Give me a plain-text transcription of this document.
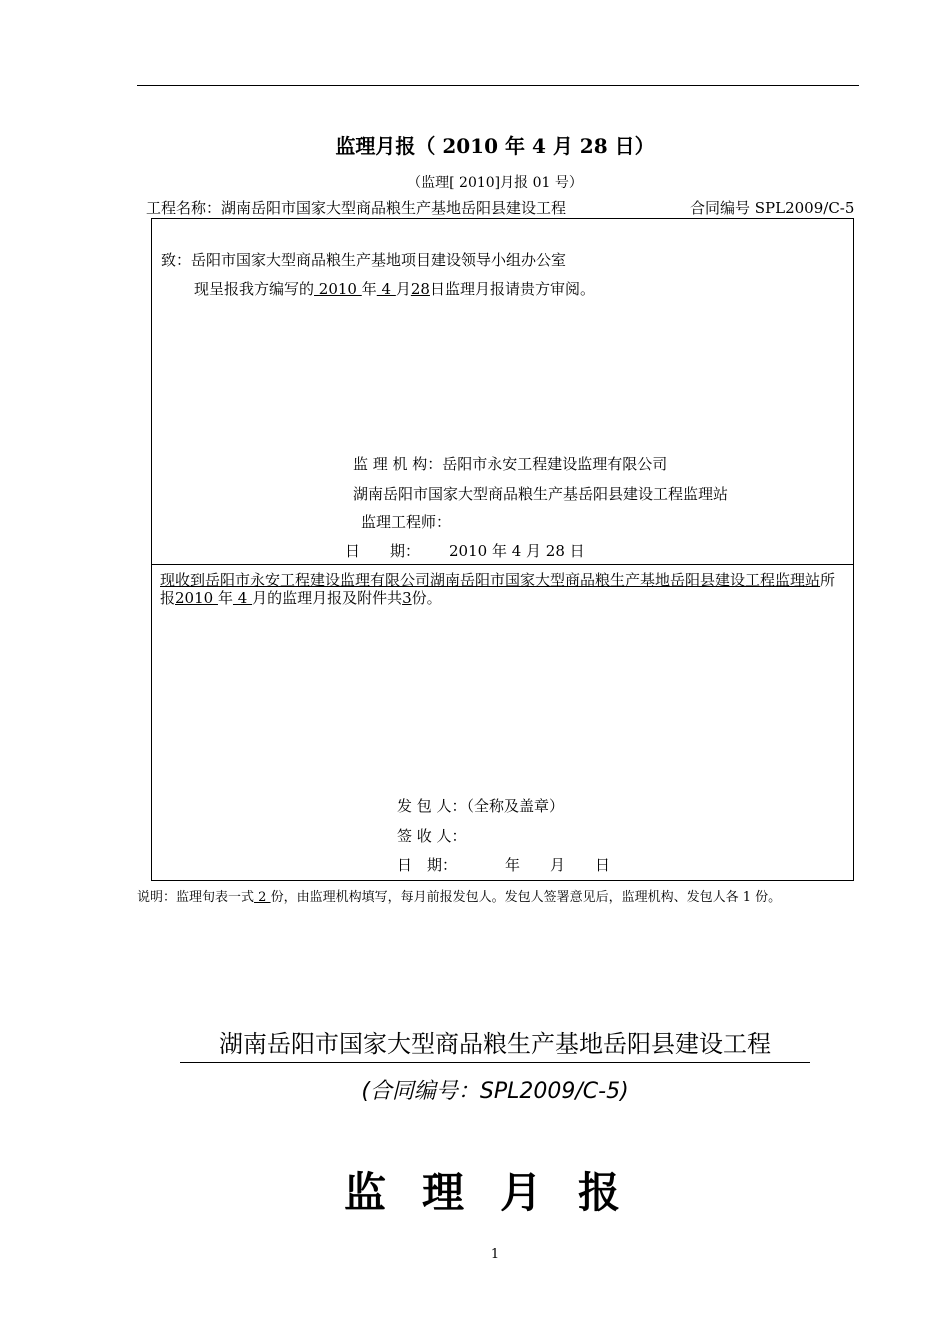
监理月报（ 2010 年 4 月 28 日）
（监理[ 2010]月报 01 号）
工程名称：湖南岳阳市国家大型商品粮生产基地岳阳县建设工程	合同编号 SPL2009/C-5
致：岳阳市国家大型商品粮生产基地项目建设领导小组办公室
现呈报我方编写的 2010 年 4 月28日监理月报请贵方审阅。
监 理 机 构：岳阳市永安工程建设监理有限公司
湖南岳阳市国家大型商品粮生产基岳阳县建设工程监理站
监理工程师：
日　　期： 2010 年 4 月 28 日
现收到岳阳市永安工程建设监理有限公司湖南岳阳市国家大型商品粮生产基地岳阳县建设工程监理站所报2010 年 4 月的监理月报及附件共3份。
发 包 人：（全称及盖章）
签 收 人：
日　期：	年　　月　　日
说明：监理旬表一式 2 份，由监理机构填写，每月前报发包人。发包人签署意见后，监理机构、发包人各 1 份。
湖南岳阳市国家大型商品粮生产基地岳阳县建设工程
(合同编号：SPL2009/C-5)
监理月报
1
